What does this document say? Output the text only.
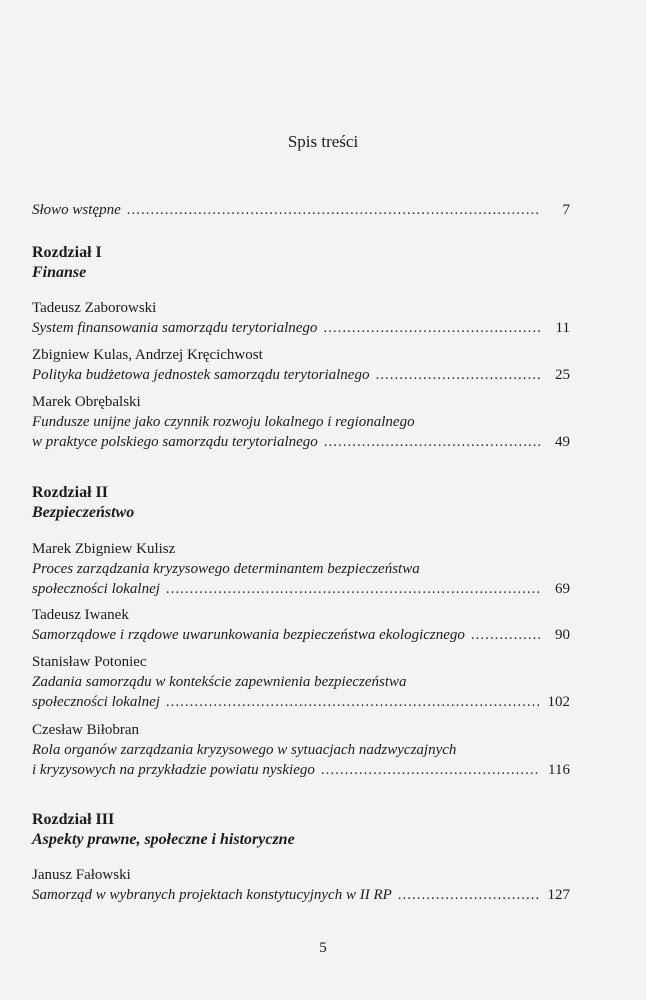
Spis treści
Słowo wstępne .....	7
Rozdział I
Finanse
Tadeusz Zaborowski
System finansowania samorządu terytorialnego .....	11
Zbigniew Kulas, Andrzej Kręcichwost
Polityka budżetowa jednostek samorządu terytorialnego .....	25
Marek Obrębalski
Fundusze unijne jako czynnik rozwoju lokalnego i regionalnego
w praktyce polskiego samorządu terytorialnego .....	49
Rozdział II
Bezpieczeństwo
Marek Zbigniew Kulisz
Proces zarządzania kryzysowego determinantem bezpieczeństwa
społeczności lokalnej .....	69
Tadeusz Iwanek
Samorządowe i rządowe uwarunkowania bezpieczeństwa ekologicznego .....	90
Stanisław Potoniec
Zadania samorządu w kontekście zapewnienia bezpieczeństwa
społeczności lokalnej .....	102
Czesław Biłobran
Rola organów zarządzania kryzysowego w sytuacjach nadzwyczajnych
i kryzysowych na przykładzie powiatu nyskiego .....	116
Rozdział III
Aspekty prawne, społeczne i historyczne
Janusz Fałowski
Samorząd w wybranych projektach konstytucyjnych w II RP .....	127
5
